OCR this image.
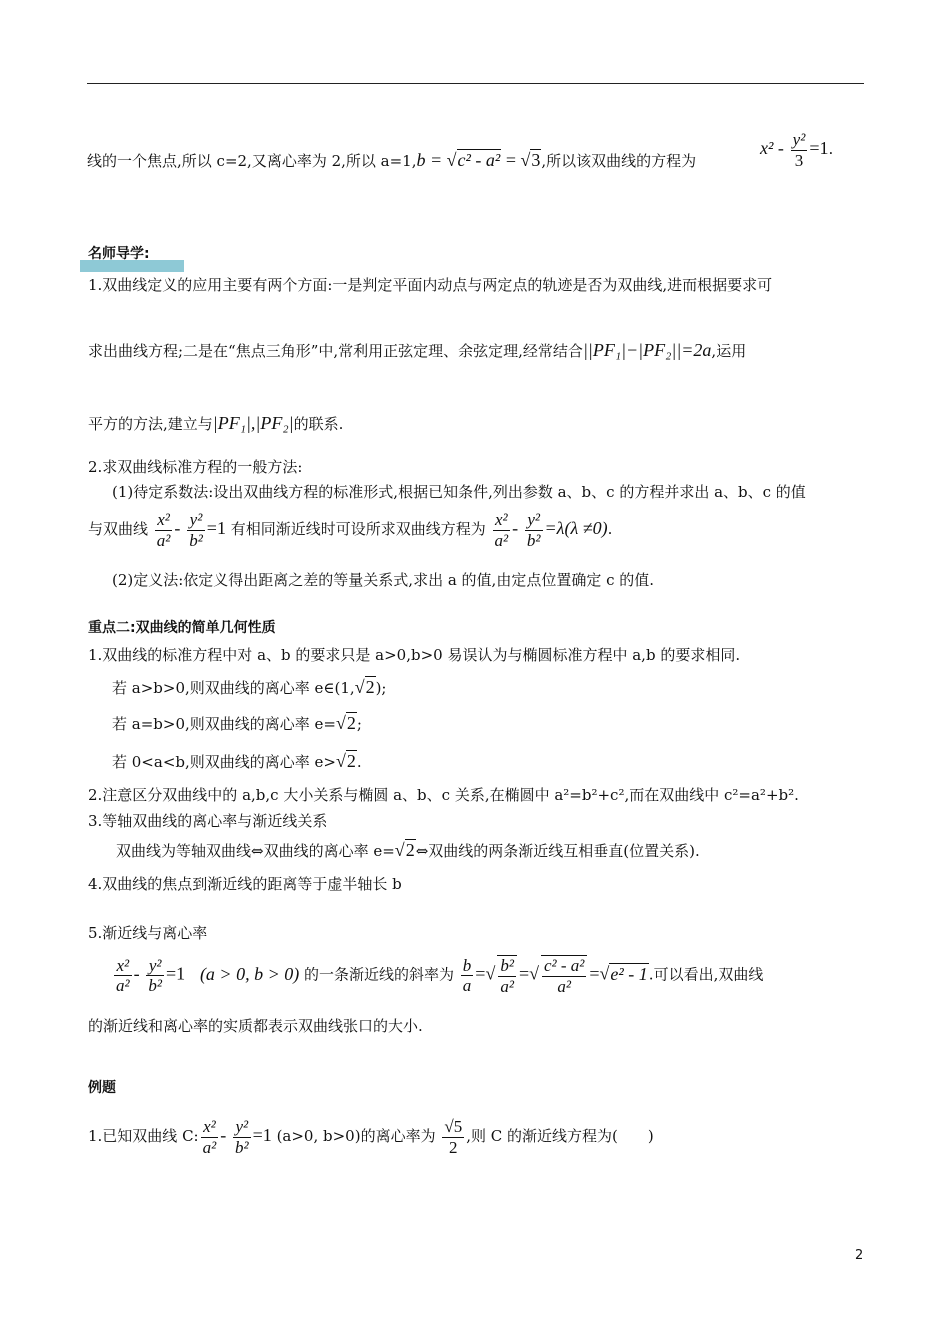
线的一个焦点,所以 c=2,又离心率为 2,所以 a=1,b = √c² - a² = √3,所以该双曲线的方程为
$x^2 - \frac{\text{y²}}{3} =1$.
名师导学:
1.双曲线定义的应用主要有两个方面:一是判定平面内动点与两定点的轨迹是否为双曲线,进而根据要求可
求出曲线方程;二是在“焦点三角形”中,常利用正弦定理、余弦定理,经常结合||PF₁|−|PF₂||=2a,运用
平方的方法,建立与|PF₁|,|PF₂|的联系.
2.求双曲线标准方程的一般方法:
(1)待定系数法:设出双曲线方程的标准形式,根据已知条件,列出参数 a、b、c 的方程并求出 a、b、c 的值
与双曲线 $\frac{\text{x²}}{\text{a²}} - \frac{\text{y²}}{\text{b²}} =1$ 有相同渐近线时可设所求双曲线方程为 $\frac{\text{x²}}{\text{a²}} - \frac{\text{y²}}{\text{b²}} =\lambda(\lambda \ne 0)$.
(2)定义法:依定义得出距离之差的等量关系式,求出 a 的值,由定点位置确定 c 的值.
重点二:双曲线的简单几何性质
1.双曲线的标准方程中对 a、b 的要求只是 a>0,b>0 易误认为与椭圆标准方程中 a,b 的要求相同.
若 a>b>0,则双曲线的离心率 e∈(1,√2);
若 a=b>0,则双曲线的离心率 e=√2;
若 0<a<b,则双曲线的离心率 e>√2.
2.注意区分双曲线中的 a,b,c 大小关系与椭圆 a、b、c 关系,在椭圆中 a²=b²+c²,而在双曲线中 c²=a²+b².
3.等轴双曲线的离心率与渐近线关系
双曲线为等轴双曲线⇔双曲线的离心率 e=√2⇔双曲线的两条渐近线互相垂直(位置关系).
4.双曲线的焦点到渐近线的距离等于虚半轴长 b
5.渐近线与离心率
$\frac{\text{x²}}{\text{a²}} - \frac{\text{y²}}{\text{b²}} =1$ (a > 0, b > 0) 的一条渐近线的斜率为 $\frac{b}{a}$ =√ $\frac{\text{b²}}{\text{a²}}$ =√ $\frac{\text{c² - a²}}{\text{a²}} =√e^2 - 1$.可以看出,双曲线
的渐近线和离心率的实质都表示双曲线张口的大小.
例题
1.已知双曲线 C: $\frac{\text{x²}}{\text{a²}} - \frac{\text{y²}}{\text{b²}} =1$ (a>0, b>0)的离心率为 $\frac{√5}{2}$ ,则 C 的渐近线方程为(　　)
2
